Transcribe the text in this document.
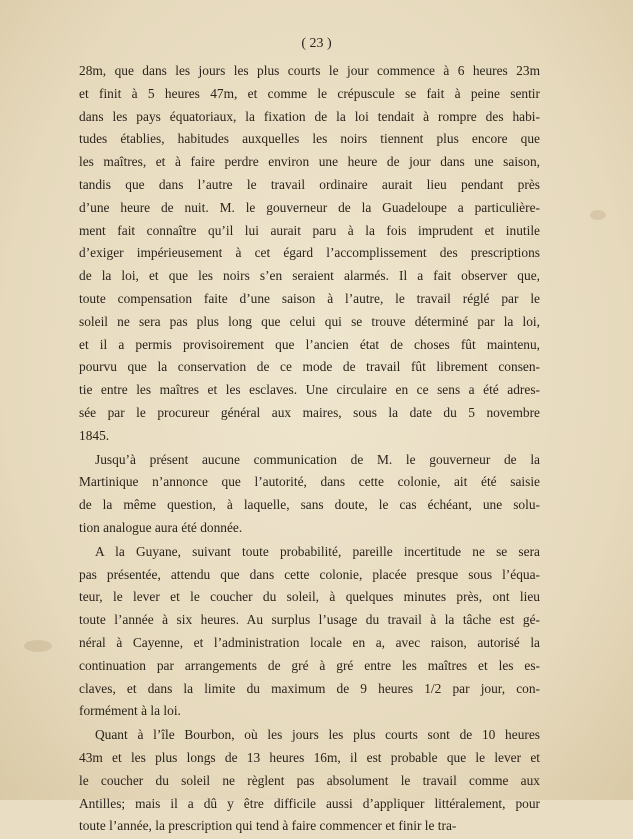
( 23 )
28m, que dans les jours les plus courts le jour commence à 6 heures 23m
et finit à 5 heures 47m, et comme le crépuscule se fait à peine sentir
dans les pays équatoriaux, la fixation de la loi tendait à rompre des habi-
tudes établies, habitudes auxquelles les noirs tiennent plus encore que
les maîtres, et à faire perdre environ une heure de jour dans une saison,
tandis que dans l’autre le travail ordinaire aurait lieu pendant près
d’une heure de nuit. M. le gouverneur de la Guadeloupe a particulière-
ment fait connaître qu’il lui aurait paru à la fois imprudent et inutile
d’exiger impérieusement à cet égard l’accomplissement des prescriptions
de la loi, et que les noirs s’en seraient alarmés. Il a fait observer que,
toute compensation faite d’une saison à l’autre, le travail réglé par le
soleil ne sera pas plus long que celui qui se trouve déterminé par la loi,
et il a permis provisoirement que l’ancien état de choses fût maintenu,
pourvu que la conservation de ce mode de travail fût librement consen-
tie entre les maîtres et les esclaves. Une circulaire en ce sens a été adres-
sée par le procureur général aux maires, sous la date du 5 novembre
1845.
Jusqu’à présent aucune communication de M. le gouverneur de la
Martinique n’annonce que l’autorité, dans cette colonie, ait été saisie
de la même question, à laquelle, sans doute, le cas échéant, une solu-
tion analogue aura été donnée.
A la Guyane, suivant toute probabilité, pareille incertitude ne se sera
pas présentée, attendu que dans cette colonie, placée presque sous l’équa-
teur, le lever et le coucher du soleil, à quelques minutes près, ont lieu
toute l’année à six heures. Au surplus l’usage du travail à la tâche est gé-
néral à Cayenne, et l’administration locale en a, avec raison, autorisé la
continuation par arrangements de gré à gré entre les maîtres et les es-
claves, et dans la limite du maximum de 9 heures 1/2 par jour, con-
formément à la loi.
Quant à l’île Bourbon, où les jours les plus courts sont de 10 heures
43m et les plus longs de 13 heures 16m, il est probable que le lever et
le coucher du soleil ne règlent pas absolument le travail comme aux
Antilles; mais il a dû y être difficile aussi d’appliquer littéralement, pour
toute l’année, la prescription qui tend à faire commencer et finir le tra-
